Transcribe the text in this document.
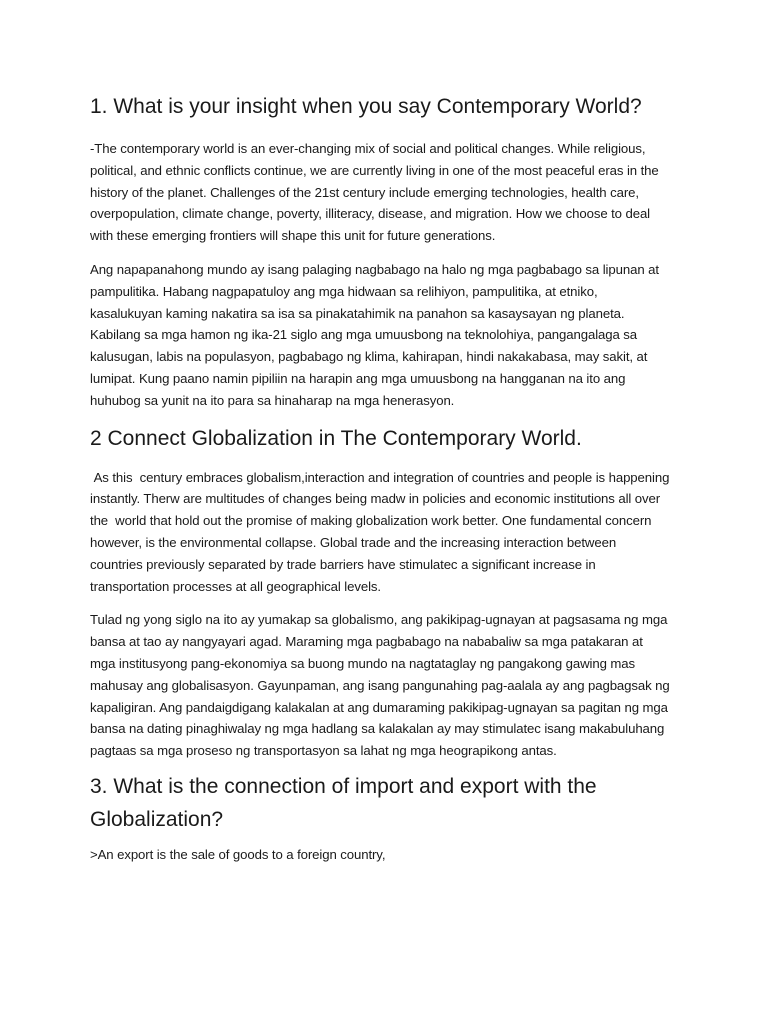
1. What is your insight when you say Contemporary World?

-The contemporary world is an ever-changing mix of social and political changes. While religious, political, and ethnic conflicts continue, we are currently living in one of the most peaceful eras in the history of the planet. Challenges of the 21st century include emerging technologies, health care, overpopulation, climate change, poverty, illiteracy, disease, and migration. How we choose to deal with these emerging frontiers will shape this unit for future generations.

Ang napapanahong mundo ay isang palaging nagbabago na halo ng mga pagbabago sa lipunan at pampulitika. Habang nagpapatuloy ang mga hidwaan sa relihiyon, pampulitika, at etniko, kasalukuyan kaming nakatira sa isa sa pinakatahimik na panahon sa kasaysayan ng planeta. Kabilang sa mga hamon ng ika-21 siglo ang mga umuusbong na teknolohiya, pangangalaga sa kalusugan, labis na populasyon, pagbabago ng klima, kahirapan, hindi nakakabasa, may sakit, at lumipat. Kung paano namin pipiliin na harapin ang mga umuusbong na hangganan na ito ang huhubog sa yunit na ito para sa hinaharap na mga henerasyon.

2 Connect Globalization in The Contemporary World.

As this  century embraces globalism,interaction and integration of countries and people is happening instantly. Therw are multitudes of changes being madw in policies and economic institutions all over the  world that hold out the promise of making globalization work better. One fundamental concern however, is the environmental collapse. Global trade and the increasing interaction between countries previously separated by trade barriers have stimulatec a significant increase in transportation processes at all geographical levels.

Tulad ng yong siglo na ito ay yumakap sa globalismo, ang pakikipag-ugnayan at pagsasama ng mga bansa at tao ay nangyayari agad. Maraming mga pagbabago na nababaliw sa mga patakaran at mga institusyong pang-ekonomiya sa buong mundo na nagtataglay ng pangakong gawing mas mahusay ang globalisasyon. Gayunpaman, ang isang pangunahing pag-aalala ay ang pagbagsak ng kapaligiran. Ang pandaigdigang kalakalan at ang dumaraming pakikipag-ugnayan sa pagitan ng mga bansa na dating pinaghiwalay ng mga hadlang sa kalakalan ay may stimulatec isang makabuluhang pagtaas sa mga proseso ng transportasyon sa lahat ng mga heograpikong antas.

3. What is the connection of import and export with the Globalization?

>An export is the sale of goods to a foreign country,
